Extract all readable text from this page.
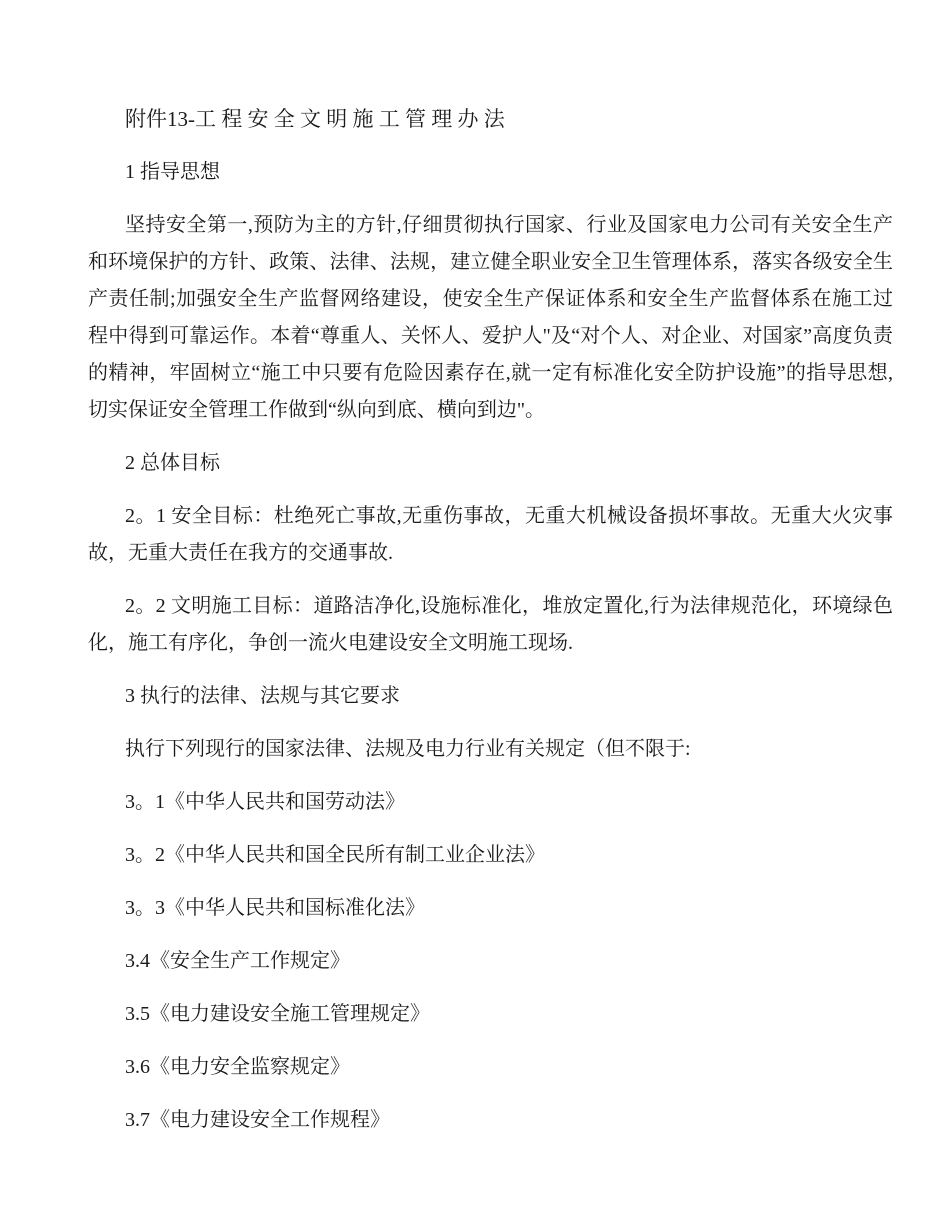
附件13-工 程 安 全 文 明 施 工 管 理 办 法
1 指导思想

坚持安全第一,预防为主的方针,仔细贯彻执行国家、行业及国家电力公司有关安全生产和环境保护的方针、政策、法律、法规，建立健全职业安全卫生管理体系，落实各级安全生产责任制;加强安全生产监督网络建设，使安全生产保证体系和安全生产监督体系在施工过程中得到可靠运作。本着“尊重人、关怀人、爱护人"及“对个人、对企业、对国家”高度负责的精神，牢固树立“施工中只要有危险因素存在,就一定有标准化安全防护设施”的指导思想,切实保证安全管理工作做到“纵向到底、横向到边"。

2 总体目标

2。1 安全目标：杜绝死亡事故,无重伤事故，无重大机械设备损坏事故。无重大火灾事故，无重大责任在我方的交通事故.

2。2 文明施工目标：道路洁净化,设施标准化，堆放定置化,行为法律规范化，环境绿色化，施工有序化，争创一流火电建设安全文明施工现场.

3 执行的法律、法规与其它要求

执行下列现行的国家法律、法规及电力行业有关规定（但不限于:

3。1《中华人民共和国劳动法》

3。2《中华人民共和国全民所有制工业企业法》

3。3《中华人民共和国标准化法》

3.4《安全生产工作规定》

3.5《电力建设安全施工管理规定》

3.6《电力安全监察规定》

3.7《电力建设安全工作规程》
